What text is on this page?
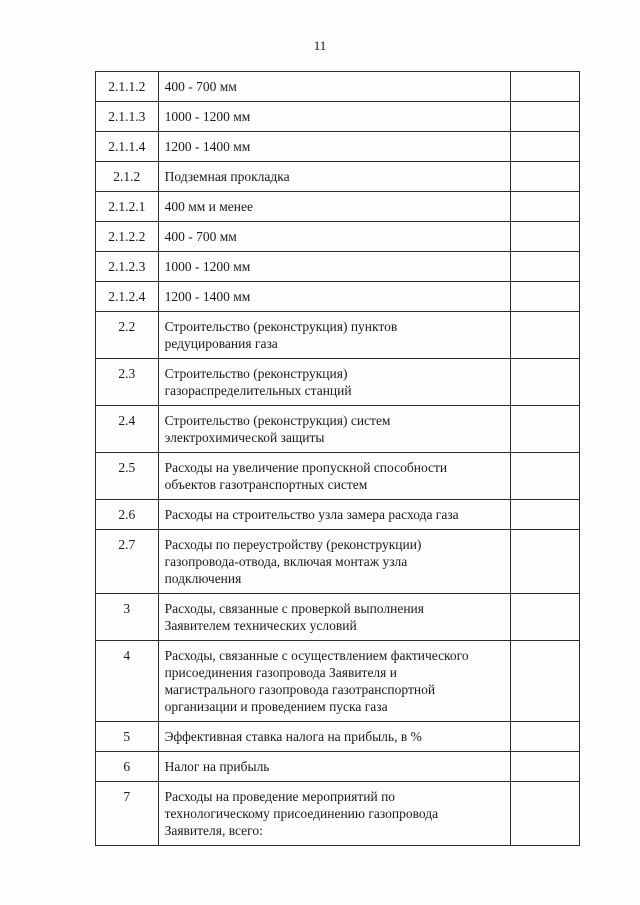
11
2.1.1.2	400 - 700 мм	

2.1.1.3	1000 - 1200 мм	

2.1.1.4	1200 - 1400 мм	

2.1.2	Подземная прокладка	

2.1.2.1	400 мм и менее	

2.1.2.2	400 - 700 мм	

2.1.2.3	1000 - 1200 мм	

2.1.2.4	1200 - 1400 мм	

2.2	Строительство (реконструкция) пунктов
редуцирования газа	

2.3	Строительство (реконструкция)
газораспределительных станций	

2.4	Строительство (реконструкция) систем
электрохимической защиты	

2.5	Расходы на увеличение пропускной способности
объектов газотранспортных систем	

2.6	Расходы на строительство узла замера расхода газа	

2.7	Расходы по переустройству (реконструкции)
газопровода-отвода, включая монтаж узла
подключения	

3	Расходы, связанные с проверкой выполнения
Заявителем технических условий	

4	Расходы, связанные с осуществлением фактического
присоединения газопровода Заявителя и
магистрального газопровода газотранспортной
организации и проведением пуска газа	

5	Эффективная ставка налога на прибыль, в %	

6	Налог на прибыль	

7	Расходы на проведение мероприятий по
технологическому присоединению газопровода
Заявителя, всего:	
